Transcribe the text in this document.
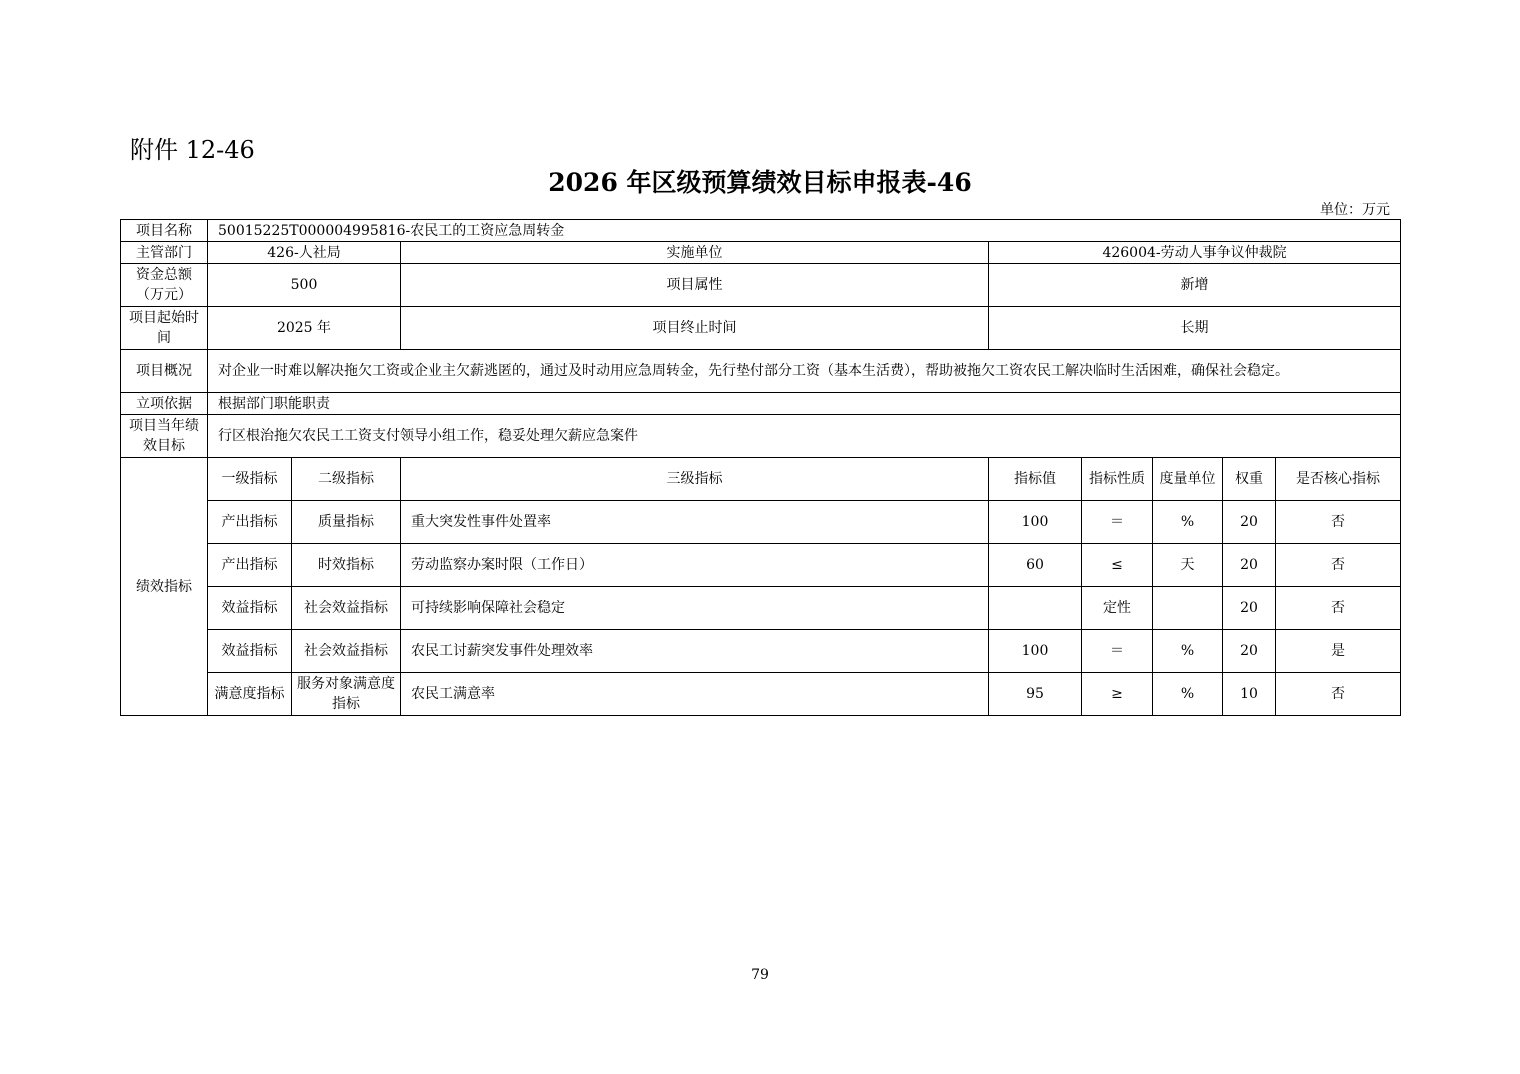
附件 12-46
2026 年区级预算绩效目标申报表-46
单位：万元
项目名称	50015225T000004995816-农民工的工资应急周转金							
主管部门	426-人社局		实施单位	426004-劳动人事争议仲裁院				
资金总额（万元）	500		项目属性	新增				
项目起始时间	2025 年		项目终止时间	长期				
项目概况	对企业一时难以解决拖欠工资或企业主欠薪逃匿的，通过及时动用应急周转金，先行垫付部分工资（基本生活费），帮助被拖欠工资农民工解决临时生活困难，确保社会稳定。							
立项依据	根据部门职能职责							
项目当年绩效目标	行区根治拖欠农民工工资支付领导小组工作，稳妥处理欠薪应急案件							
绩效指标	一级指标	二级指标	三级指标	指标值	指标性质	度量单位	权重	是否核心指标
	产出指标	质量指标	重大突发性事件处置率	100	＝	%	20	否
	产出指标	时效指标	劳动监察办案时限（工作日）	60	≤	天	20	否
	效益指标	社会效益指标	可持续影响保障社会稳定		定性		20	否
	效益指标	社会效益指标	农民工讨薪突发事件处理效率	100	＝	%	20	是
	满意度指标	服务对象满意度指标	农民工满意率	95	≥	%	10	否
79
